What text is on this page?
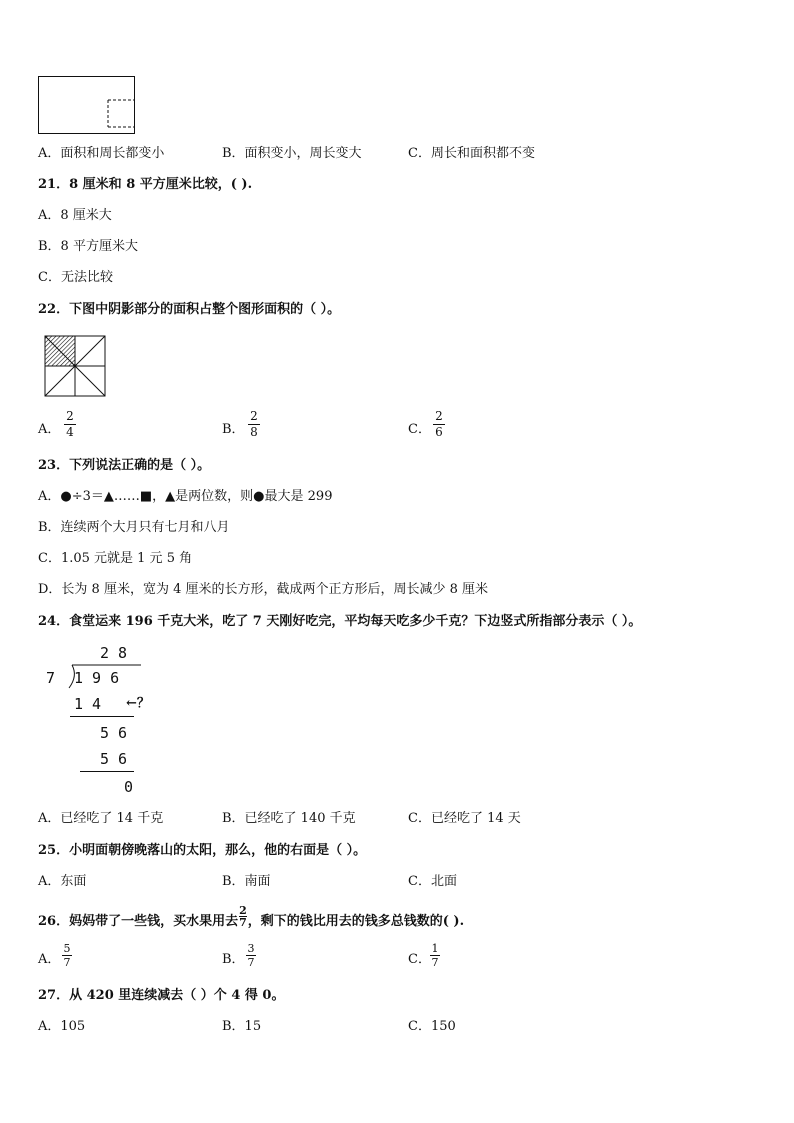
A．面积和周长都变小	B．面积变小，周长变大	C．周长和面积都不变
21．8 厘米和 8 平方厘米比较，( ).
A．8 厘米大
B．8 平方厘米大
C．无法比较
22．下图中阴影部分的面积占整个图形面积的（ ）。
A．
2
4	B．
2
8	C．
2
6
23．下列说法正确的是（ ）。
A．●÷3＝▲……■，▲是两位数，则●最大是 299
B．连续两个大月只有七月和八月
C．1.05 元就是 1 元 5 角
D．长为 8 厘米，宽为 4 厘米的长方形，截成两个正方形后，周长减少 8 厘米
24．食堂运来 196 千克大米，吃了 7 天刚好吃完，平均每天吃多少千克？下边竖式所指部分表示（ ）。
2 8
7 1 9 6
1 4 ←？
5 6
5 6
0
A．已经吃了 14 千克	B．已经吃了 140 千克	C．已经吃了 14 天
25．小明面朝傍晚落山的太阳，那么，他的右面是（ ）。
A．东面	B．南面	C．北面
26．妈妈带了一些钱，买水果用去 $\frac{2}{7}$ ，剩下的钱比用去的钱多总钱数的( ).
A．
5
7	B．
3
7	C．
1
7
27．从 420 里连续减去（ ）个 4 得 0。
A．105	B．15	C．150
